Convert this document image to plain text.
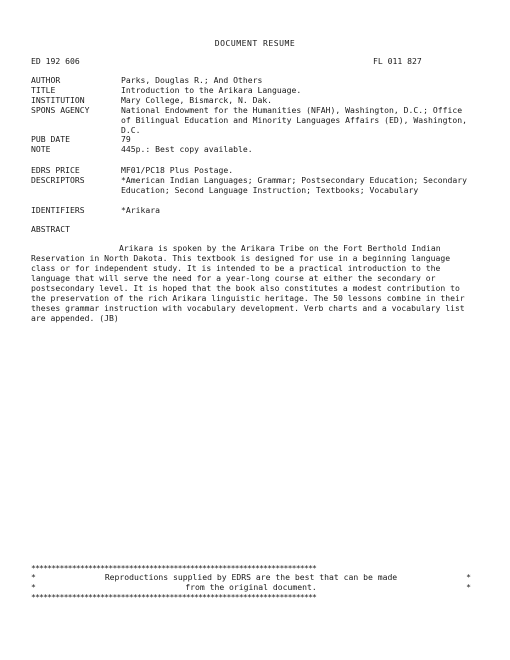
DOCUMENT RESUME
ED 192 606	FL 011 827
AUTHOR	Parks, Douglas R.; And Others
TITLE	Introduction to the Arikara Language.
INSTITUTION	Mary College, Bismarck, N. Dak.
SPONS AGENCY	National Endowment for the Humanities (NFAH), Washington, D.C.; Office of Bilingual Education and Minority Languages Affairs (ED), Washington, D.C.
PUB DATE	79
NOTE	445p.: Best copy available.
EDRS PRICE	MF01/PC18 Plus Postage.
DESCRIPTORS	*American Indian Languages; Grammar; Postsecondary Education; Secondary Education; Second Language Instruction; Textbooks; Vocabulary
IDENTIFIERS	*Arikara
ABSTRACT
Arikara is spoken by the Arikara Tribe on the Fort Berthold Indian Reservation in North Dakota. This textbook is designed for use in a beginning language class or for independent study. It is intended to be a practical introduction to the language that will serve the need for a year-long course at either the secondary or postsecondary level. It is hoped that the book also constitutes a modest contribution to the preservation of the rich Arikara linguistic heritage. The 50 lessons combine in their theses grammar instruction with vocabulary development. Verb charts and a vocabulary list are appended. (JB)
**********************************************************************
*	Reproductions supplied by EDRS are the best that can be made	*
*	from the original document.	*
**********************************************************************
